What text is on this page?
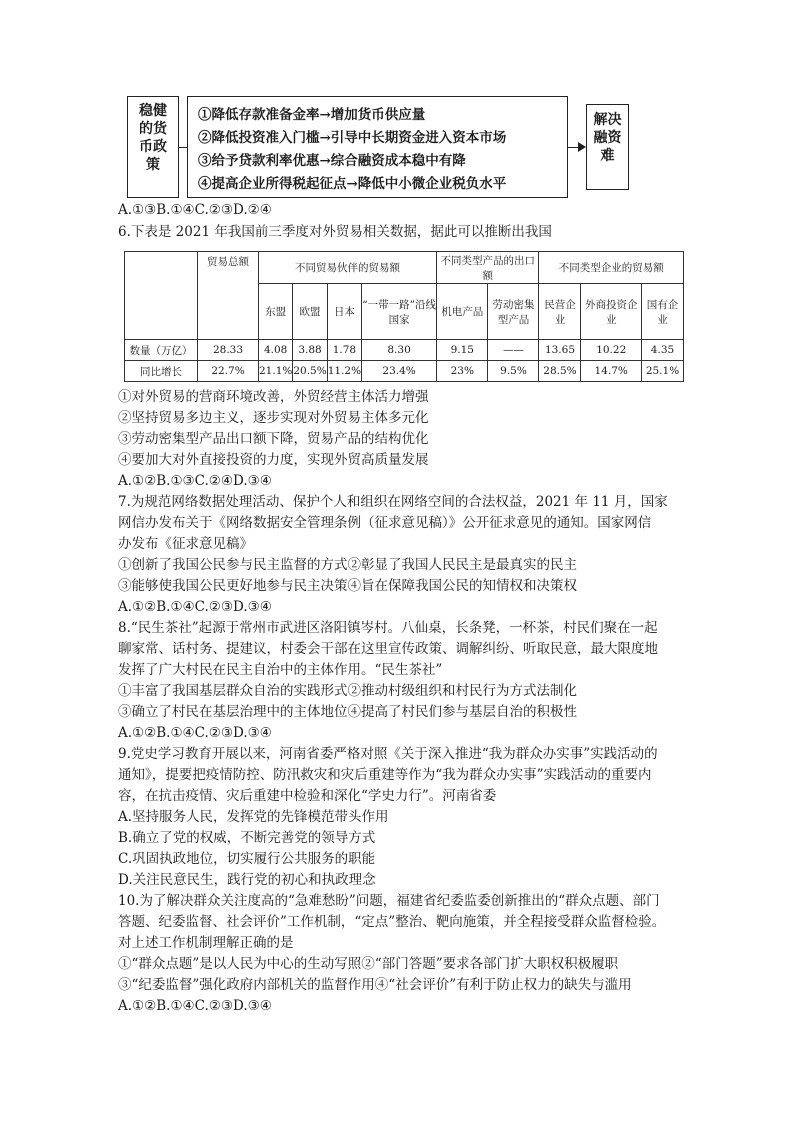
稳健的货币政策
①降低存款准备金率→增加货币供应量
②降低投资准入门槛→引导中长期资金进入资本市场
③给予贷款利率优惠→综合融资成本稳中有降
④提高企业所得税起征点→降低中小微企业税负水平
解决融资难
A.①③B.①④C.②③D.②④
6.下表是 2021 年我国前三季度对外贸易相关数据，据此可以推断出我国
	贸易总额	不同贸易伙伴的贸易额				不同类型产品的出口额		不同类型企业的贸易额		
		东盟	欧盟	日本	“一带一路”沿线国家	机电产品	劳动密集型产品	民营企业	外商投资企业	国有企业
数量（万亿）	28.33	4.08	3.88	1.78	8.30	9.15	——	13.65	10.22	4.35
同比增长	22.7%	21.1%	20.5%	11.2%	23.4%	23%	9.5%	28.5%	14.7%	25.1%
①对外贸易的营商环境改善，外贸经营主体活力增强
②坚持贸易多边主义，逐步实现对外贸易主体多元化
③劳动密集型产品出口额下降，贸易产品的结构优化
④要加大对外直接投资的力度，实现外贸高质量发展
A.①②B.①③C.②④D.③④
7.为规范网络数据处理活动、保护个人和组织在网络空间的合法权益，2021 年 11 月，国家
网信办发布关于《网络数据安全管理条例（征求意见稿）》公开征求意见的通知。国家网信
办发布《征求意见稿》
①创新了我国公民参与民主监督的方式②彰显了我国人民民主是最真实的民主
③能够使我国公民更好地参与民主决策④旨在保障我国公民的知情权和决策权
A.①②B.①④C.②③D.③④
8.“民生茶社”起源于常州市武进区洛阳镇岑村。八仙桌，长条凳，一杯茶，村民们聚在一起
聊家常、话村务、提建议，村委会干部在这里宣传政策、调解纠纷、听取民意，最大限度地
发挥了广大村民在民主自治中的主体作用。“民生茶社”
①丰富了我国基层群众自治的实践形式②推动村级组织和村民行为方式法制化
③确立了村民在基层治理中的主体地位④提高了村民们参与基层自治的积极性
A.①②B.①④C.②③D.③④
9.党史学习教育开展以来，河南省委严格对照《关于深入推进“我为群众办实事”实践活动的
通知》，提要把疫情防控、防汛救灾和灾后重建等作为“我为群众办实事”实践活动的重要内
容，在抗击疫情、灾后重建中检验和深化“学史力行”。河南省委
A.坚持服务人民，发挥党的先锋模范带头作用
B.确立了党的权威，不断完善党的领导方式
C.巩固执政地位，切实履行公共服务的职能
D.关注民意民生，践行党的初心和执政理念
10.为了解决群众关注度高的“急难愁盼”问题，福建省纪委监委创新推出的“群众点题、部门
答题、纪委监督、社会评价”工作机制，“定点”整治、靶向施策，并全程接受群众监督检验。
对上述工作机制理解正确的是
①“群众点题”是以人民为中心的生动写照②“部门答题”要求各部门扩大职权积极履职
③“纪委监督”强化政府内部机关的监督作用④“社会评价”有利于防止权力的缺失与滥用
A.①②B.①④C.②③D.③④
